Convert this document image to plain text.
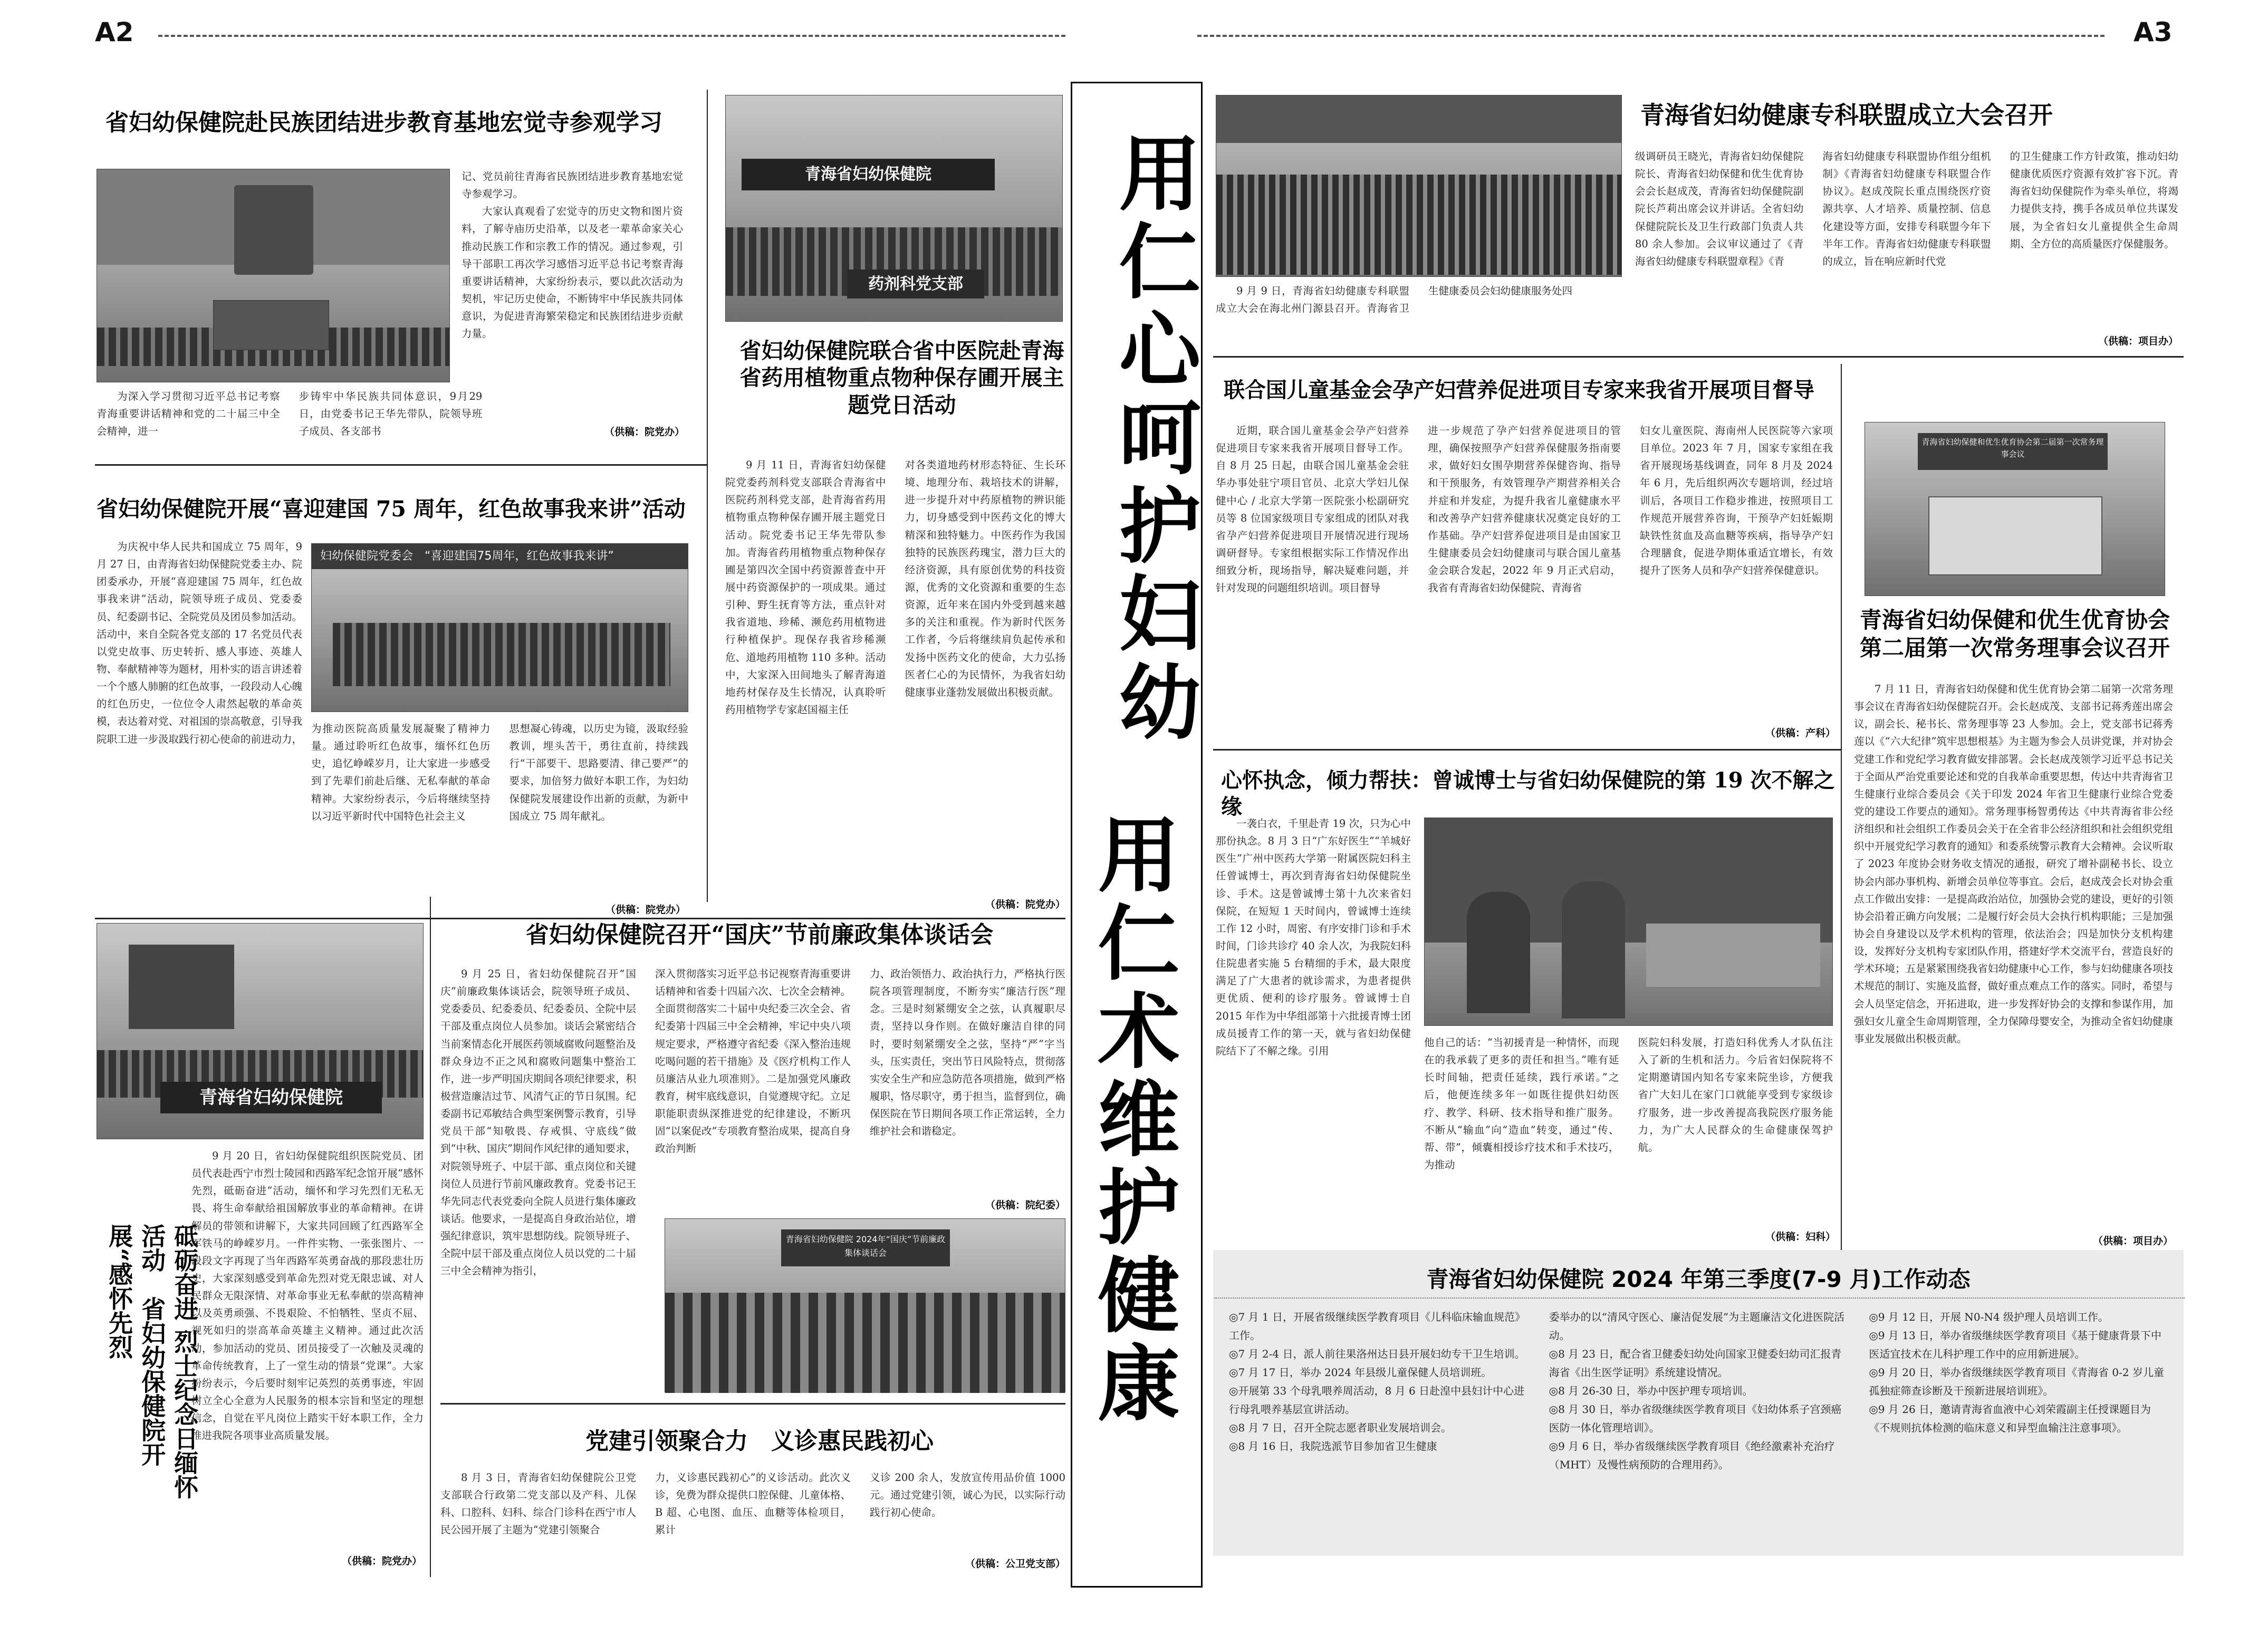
A2	A3
省妇幼保健院赴民族团结进步教育基地宏觉寺参观学习

记、党员前往青海省民族团结进步教育基地宏觉寺参观学习。

大家认真观看了宏觉寺的历史文物和图片资料，了解寺庙历史沿革，以及老一辈革命家关心推动民族工作和宗教工作的情况。通过参观，引导干部职工再次学习感悟习近平总书记考察青海重要讲话精神，大家纷纷表示，要以此次活动为契机，牢记历史使命，不断铸牢中华民族共同体意识，为促进青海繁荣稳定和民族团结进步贡献力量。

为深入学习贯彻习近平总书记考察青海重要讲话精神和党的二十届三中全会精神，进一

步铸牢中华民族共同体意识，9月29日，由党委书记王华先带队，院领导班子成员、各支部书	（供稿：院党办）
省妇幼保健院开展“喜迎建国 75 周年，红色故事我来讲”活动

为庆祝中华人民共和国成立 75 周年，9 月 27 日，由青海省妇幼保健院党委主办、院团委承办，开展“喜迎建国 75 周年，红色故事我来讲”活动，院领导班子成员、党委委员、纪委副书记、全院党员及团员参加活动。活动中，来自全院各党支部的 17 名党员代表以党史故事、历史转折、感人事迹、英雄人物、奉献精神等为题材，用朴实的语言讲述着一个个感人肺腑的红色故事，一段段动人心魄的红色历史，一位位令人肃然起敬的革命英模，表达着对党、对祖国的崇高敬意，引导我院职工进一步汲取践行初心使命的前进动力，

妇幼保健院党委会　“喜迎建国75周年，红色故事我来讲”

为推动医院高质量发展凝聚了精神力量。通过聆听红色故事，缅怀红色历史，追忆峥嵘岁月，让大家进一步感受到了先辈们前赴后继、无私奉献的革命精神。大家纷纷表示，今后将继续坚持以习近平新时代中国特色社会主义

思想凝心铸魂，以历史为镜，汲取经验教训，埋头苦干，勇往直前，持续践行“干部要干、思路要清、律己要严”的要求，加倍努力做好本职工作，为妇幼保健院发展建设作出新的贡献，为新中国成立 75 周年献礼。

（供稿：院党办）
青海省妇幼保健院
药剂科党支部
省妇幼保健院联合省中医院赴青海省药用植物重点物种保存圃开展主题党日活动

9 月 11 日，青海省妇幼保健院党委药剂科党支部联合青海省中医院药剂科党支部，赴青海省药用植物重点物种保存圃开展主题党日活动。院党委书记王华先带队参加。青海省药用植物重点物种保存圃是第四次全国中药资源普查中开展中药资源保护的一项成果。通过引种、野生抚育等方法，重点针对我省道地、珍稀、濒危药用植物进行种植保护。现保存我省珍稀濒危、道地药用植物 110 多种。活动中，大家深入田间地头了解青海道地药材保存及生长情况，认真聆听药用植物学专家赵国福主任

对各类道地药材形态特征、生长环境、地理分布、栽培技术的讲解，进一步提升对中药原植物的辨识能力，切身感受到中医药文化的博大精深和独特魅力。中医药作为我国独特的民族医药瑰宝，潜力巨大的经济资源，具有原创优势的科技资源，优秀的文化资源和重要的生态资源，近年来在国内外受到越来越多的关注和重视。作为新时代医务工作者，今后将继续肩负起传承和发扬中医药文化的使命，大力弘扬医者仁心的为民情怀，为我省妇幼健康事业蓬勃发展做出积极贡献。

（供稿：院党办）
青海省妇幼保健院
砥砺奋进 烈士纪念日缅怀活动　省妇幼保健院开展“感怀先烈

9 月 20 日，省妇幼保健院组织医院党员、团员代表赴西宁市烈士陵园和西路军纪念馆开展“感怀先烈，砥砺奋进”活动，缅怀和学习先烈们无私无畏、将生命奉献给祖国解放事业的革命精神。在讲解员的带领和讲解下，大家共同回顾了红西路军全军铁马的峥嵘岁月。一件件实物、一张张图片、一段段文字再现了当年西路军英勇奋战的那段悲壮历史，大家深刻感受到革命先烈对党无限忠诚、对人民群众无限深情、对革命事业无私奉献的崇高精神以及英勇顽强、不畏艰险、不怕牺牲、坚贞不屈、视死如归的崇高革命英雄主义精神。通过此次活动，参加活动的党员、团员接受了一次触及灵魂的革命传统教育，上了一堂生动的情景“党课”。大家纷纷表示，今后要时刻牢记英烈的英勇事迹，牢固树立全心全意为人民服务的根本宗旨和坚定的理想信念，自觉在平凡岗位上踏实干好本职工作，全力推进我院各项事业高质量发展。

（供稿：院党办）
省妇幼保健院召开“国庆”节前廉政集体谈话会

9 月 25 日，省妇幼保健院召开“国庆”前廉政集体谈话会，院领导班子成员、党委委员、纪委委员、纪委委员、全院中层干部及重点岗位人员参加。谈话会紧密结合当前案情态化开展医药领域腐败问题整治及群众身边不正之风和腐败问题集中整治工作，进一步严明国庆期间各项纪律要求，积极营造廉洁过节、风清气正的节日氛围。纪委副书记邓敏结合典型案例警示教育，引导党员干部“知敬畏、存戒惧、守底线”做到“中秋、国庆”期间作风纪律的通知要求，对院领导班子、中层干部、重点岗位和关键岗位人员进行节前风廉政教育。党委书记王华先同志代表党委向全院人员进行集体廉政谈话。他要求，一是提高自身政治站位，增强纪律意识，筑牢思想防线。院领导班子、全院中层干部及重点岗位人员以党的二十届三中全会精神为指引，

深入贯彻落实习近平总书记视察青海重要讲话精神和省委十四届六次、七次全会精神。全面贯彻落实二十届中央纪委三次全会、省纪委第十四届三中全会精神，牢记中央八项规定要求，严格遵守省纪委《深入整治违规吃喝问题的若干措施》及《医疗机构工作人员廉洁从业九项准则》。二是加强党风廉政教育，树牢底线意识，自觉遵规守纪。立足职能职责纵深推进党的纪律建设，不断巩固“以案促改”专项教育整治成果，提高自身政治判断

力、政治领悟力、政治执行力，严格执行医院各项管理制度，不断夯实“廉洁行医”理念。三是时刻紧绷安全之弦，认真履职尽责，坚持以身作则。在做好廉洁自律的同时，要时刻紧绷安全之弦，坚持“严”字当头，压实责任，突出节日风险特点，贯彻落实安全生产和应急防范各项措施，做到严格履职，恪尽职守，勇于担当，监督到位，确保医院在节日期间各项工作正常运转，全力维护社会和谐稳定。

（供稿：院纪委）
青海省妇幼保健院 2024年“国庆”节前廉政集体谈话会
党建引领聚合力　义诊惠民践初心

8 月 3 日，青海省妇幼保健院公卫党支部联合行政第二党支部以及产科、儿保科、口腔科、妇科、综合门诊科在西宁市人民公园开展了主题为“党建引领聚合

力，义诊惠民践初心”的义诊活动。此次义诊，免费为群众提供口腔保健、儿童体格、B 超、心电图、血压、血糖等体检项目，累计

义诊 200 余人，发放宣传用品价值 1000 元。通过党建引领，诚心为民，以实际行动践行初心使命。

（供稿：公卫党支部）
用仁心呵护妇幼
用仁术维护健康
青海省妇幼健康专科联盟成立大会召开

9 月 9 日，青海省妇幼健康专科联盟成立大会在海北州门源县召开。青海省卫生健康委员会妇幼健康服务处四

级调研员王晓光，青海省妇幼保健院院长、青海省妇幼保健和优生优育协会会长赵成茂，青海省妇幼保健院副院长芦莉出席会议并讲话。全省妇幼保健院院长及卫生行政部门负责人共 80 余人参加。会议审议通过了《青海省妇幼健康专科联盟章程》《青

海省妇幼健康专科联盟协作组分组机制》《青海省妇幼健康专科联盟合作协议》。赵成茂院长重点围绕医疗资源共享、人才培养、质量控制、信息化建设等方面，安排专科联盟今年下半年工作。青海省妇幼健康专科联盟的成立，旨在响应新时代党

的卫生健康工作方针政策，推动妇幼健康优质医疗资源有效扩容下沉。青海省妇幼保健院作为牵头单位，将竭力提供支持，携手各成员单位共谋发展，为全省妇女儿童提供全生命周期、全方位的高质量医疗保健服务。

（供稿：项目办）
联合国儿童基金会孕产妇营养促进项目专家来我省开展项目督导

近期，联合国儿童基金会孕产妇营养促进项目专家来我省开展项目督导工作。自 8 月 25 日起，由联合国儿童基金会驻华办事处驻宁项目官员、北京大学妇儿保健中心 / 北京大学第一医院张小松副研究员等 8 位国家级项目专家组成的团队对我省孕产妇营养促进项目开展情况进行现场调研督导。专家组根据实际工作情况作出细致分析，现场指导，解决疑难问题，并针对发现的问题组织培训。项目督导

进一步规范了孕产妇营养促进项目的管理，确保按照孕产妇营养保健服务指南要求，做好妇女围孕期营养保健咨询、指导和干预服务，有效管理孕产期营养相关合并症和并发症，为提升我省儿童健康水平和改善孕产妇营养健康状况奠定良好的工作基础。孕产妇营养促进项目是由国家卫生健康委员会妇幼健康司与联合国儿童基金会联合发起，2022 年 9 月正式启动，我省有青海省妇幼保健院、青海省

妇女儿童医院、海南州人民医院等六家项目单位。2023 年 7 月，国家专家组在我省开展现场基线调查，同年 8 月及 2024 年 6 月，先后组织两次专题培训，经过培训后，各项目工作稳步推进，按照项目工作规范开展营养咨询，干预孕产妇妊娠期缺铁性贫血及高血糖等疾病，指导孕产妇合理膳食，促进孕期体重适宜增长，有效提升了医务人员和孕产妇营养保健意识。

（供稿：产科）
青海省妇幼保健和优生优育协会第二届第一次常务理事会议
青海省妇幼保健和优生优育协会第二届第一次常务理事会议召开

7 月 11 日，青海省妇幼保健和优生优育协会第二届第一次常务理事会议在青海省妇幼保健院召开。会长赵成茂、支部书记蒋秀莲出席会议，副会长、秘书长、常务理事等 23 人参加。会上，党支部书记蒋秀莲以《“六大纪律”筑牢思想根基》为主题为参会人员讲党课，并对协会党建工作和党纪学习教育做安排部署。会长赵成茂领学习近平总书记关于全面从严治党重要论述和党的自我革命重要思想，传达中共青海省卫生健康行业综合委员会《关于印发 2024 年省卫生健康行业综合党委党的建设工作要点的通知》。常务理事杨智勇传达《中共青海省非公经济组织和社会组织工作委员会关于在全省非公经济组织和社会组织党组织中开展党纪学习教育的通知》和委系统警示教育大会精神。会议听取了 2023 年度协会财务收支情况的通报，研究了增补副秘书长、设立协会内部办事机构、新增会员单位等事宜。会后，赵成茂会长对协会重点工作做出安排：一是提高政治站位，加强协会党的建设，更好的引领协会沿着正确方向发展；二是履行好会员大会执行机构职能；三是加强协会自身建设以及学术机构的管理，依法治会；四是加快分支机构建设，发挥好分支机构专家团队作用，搭建好学术交流平台，营造良好的学术环境；五是紧紧围绕我省妇幼健康中心工作，参与妇幼健康各项技术规范的制订、实施及监督，做好重点难点工作的落实。同时，希望与会人员坚定信念，开拓进取，进一步发挥好协会的支撑和参谋作用，加强妇女儿童全生命周期管理，全力保障母婴安全，为推动全省妇幼健康事业发展做出积极贡献。

（供稿：项目办）
心怀执念，倾力帮扶：曾诚博士与省妇幼保健院的第 19 次不解之缘

一袭白衣，千里赴青 19 次，只为心中那份执念。8 月 3 日“广东好医生”“羊城好医生”广州中医药大学第一附属医院妇科主任曾诚博士，再次到青海省妇幼保健院坐诊、手术。这是曾诚博士第十九次来省妇保院，在短短 1 天时间内，曾诚博士连续工作 12 小时，周密、有序安排门诊和手术时间，门诊共诊疗 40 余人次，为我院妇科住院患者实施 5 台精细的手术，最大限度满足了广大患者的就诊需求，为患者提供更优质、便利的诊疗服务。曾诚博士自 2015 年作为中华组部第十六批援青博士团成员援青工作的第一天，就与省妇幼保健院结下了不解之缘。引用

他自己的话：“当初援青是一种情怀，而现在的我承载了更多的责任和担当。”唯有延长时间轴，把责任延续，践行承诺。”之后，他便连续多年一如既往提供妇幼医疗、教学、科研、技术指导和推广服务。不断从“输血”向“造血”转变，通过“传、帮、带”，倾囊相授诊疗技术和手术技巧，为推动

医院妇科发展，打造妇科优秀人才队伍注入了新的生机和活力。今后省妇保院将不定期邀请国内知名专家来院坐诊，方便我省广大妇儿在家门口就能享受到专家级诊疗服务，进一步改善提高我院医疗服务能力，为广大人民群众的生命健康保驾护航。

（供稿：妇科）
青海省妇幼保健院 2024 年第三季度(7-9 月)工作动态

◎7 月 1 日，开展省级继续医学教育项目《儿科临床输血规范》工作。

◎7 月 2-4 日，派人前往果洛州达日县开展妇幼专干卫生培训。

◎7 月 17 日，举办 2024 年县级儿童保健人员培训班。

◎开展第 33 个母乳喂养周活动，8 月 6 日赴湟中县妇计中心进行母乳喂养基层宣讲活动。

◎8 月 7 日，召开全院志愿者职业发展培训会。

◎8 月 16 日，我院选派节目参加省卫生健康

委举办的以“清风守医心、廉洁促发展”为主题廉洁文化进医院活动。

◎8 月 23 日，配合省卫健委妇幼处向国家卫健委妇幼司汇报青海省《出生医学证明》系统建设情况。

◎8 月 26-30 日，举办中医护理专项培训。

◎8 月 30 日，举办省级继续医学教育项目《妇幼体系子宫颈癌医防一体化管理培训》。

◎9 月 6 日，举办省级继续医学教育项目《绝经激素补充治疗（MHT）及慢性病预防的合理用药》。

◎9 月 12 日，开展 N0-N4 级护理人员培训工作。

◎9 月 13 日，举办省级继续医学教育项目《基于健康背景下中医适宜技术在儿科护理工作中的应用新进展》。

◎9 月 20 日，举办省级继续医学教育项目《青海省 0-2 岁儿童孤独症筛查诊断及干预新进展培训班》。

◎9 月 26 日，邀请青海省血液中心刘荣霞副主任授课题目为《不规则抗体检测的临床意义和异型血输注注意事项》。
